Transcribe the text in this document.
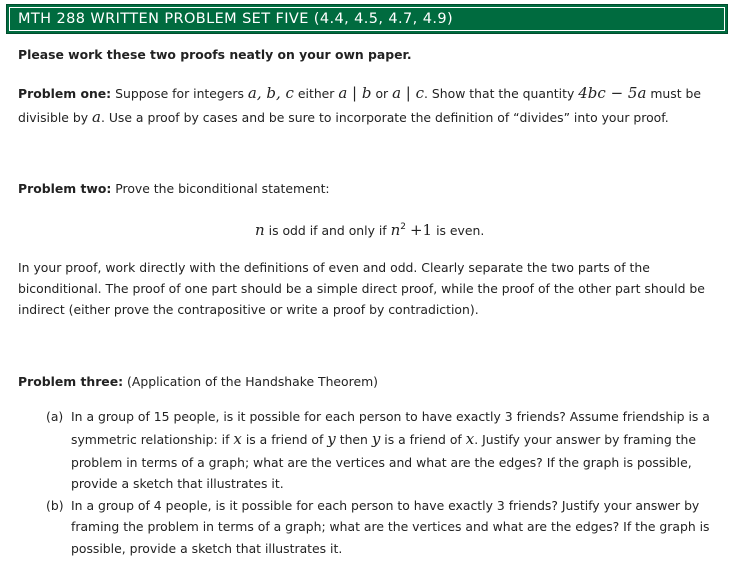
MTH 288 WRITTEN PROBLEM SET FIVE (4.4, 4.5, 4.7, 4.9)
Please work these two proofs neatly on your own paper.
Problem one: Suppose for integers a, b, c either a | b or a | c. Show that the quantity 4bc − 5a must be
divisible by a. Use a proof by cases and be sure to incorporate the definition of “divides” into your proof.
Problem two: Prove the biconditional statement:
n is odd if and only if $n^2 +1$ is even.
In your proof, work directly with the definitions of even and odd. Clearly separate the two parts of the
biconditional. The proof of one part should be a simple direct proof, while the proof of the other part should be
indirect (either prove the contrapositive or write a proof by contradiction).
Problem three: (Application of the Handshake Theorem)
(a) In a group of 15 people, is it possible for each person to have exactly 3 friends? Assume friendship is a
symmetric relationship: if x is a friend of y then y is a friend of x. Justify your answer by framing the
problem in terms of a graph; what are the vertices and what are the edges? If the graph is possible,
provide a sketch that illustrates it.
(b) In a group of 4 people, is it possible for each person to have exactly 3 friends? Justify your answer by
framing the problem in terms of a graph; what are the vertices and what are the edges? If the graph is
possible, provide a sketch that illustrates it.
